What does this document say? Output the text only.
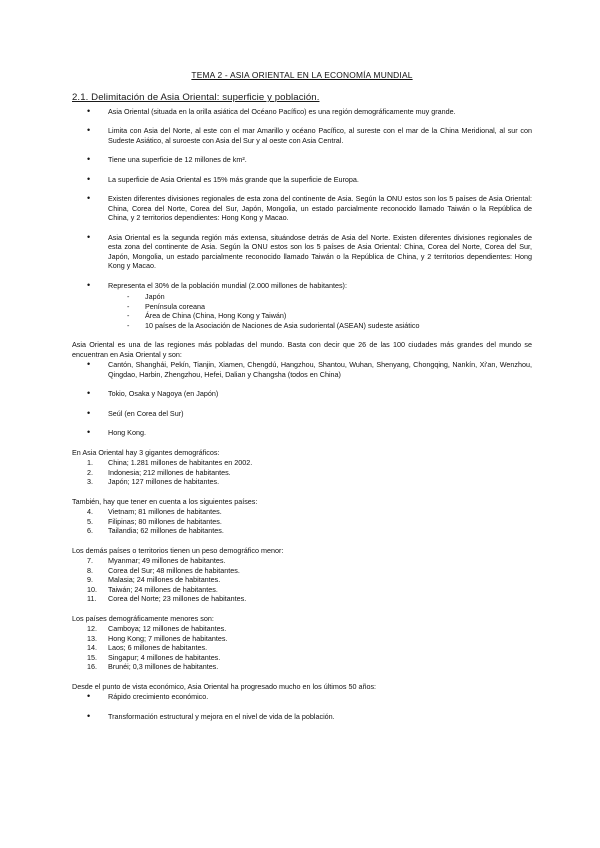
TEMA 2 - ASIA ORIENTAL EN LA ECONOMÍA MUNDIAL
2.1. Delimitación de Asia Oriental: superficie y población.
• Asia Oriental (situada en la orilla asiática del Océano Pacífico) es una región demográficamente muy grande.
• Limita con Asia del Norte, al este con el mar Amarillo y océano Pacífico, al sureste con el mar de la China Meridional, al sur con Sudeste Asiático, al suroeste con Asia del Sur y al oeste con Asia Central.
• Tiene una superficie de 12 millones de km².
• La superficie de Asia Oriental es 15% más grande que la superficie de Europa.
• Existen diferentes divisiones regionales de esta zona del continente de Asia. Según la ONU estos son los 5 países de Asia Oriental: China, Corea del Norte, Corea del Sur, Japón, Mongolia, un estado parcialmente reconocido llamado Taiwán o la República de China, y 2 territorios dependientes: Hong Kong y Macao.
• Asia Oriental es la segunda región más extensa, situándose detrás de Asia del Norte. Existen diferentes divisiones regionales de esta zona del continente de Asia. Según la ONU estos son los 5 países de Asia Oriental: China, Corea del Norte, Corea del Sur, Japón, Mongolia, un estado parcialmente reconocido llamado Taiwán o la República de China, y 2 territorios dependientes: Hong Kong y Macao.
• Representa el 30% de la población mundial (2.000 millones de habitantes):
- Japón
- Península coreana
- Área de China (China, Hong Kong y Taiwán)
- 10 países de la Asociación de Naciones de Asia sudoriental (ASEAN) sudeste asiático

Asia Oriental es una de las regiones más pobladas del mundo. Basta con decir que 26 de las 100 ciudades más grandes del mundo se encuentran en Asia Oriental y son:

• Cantón, Shanghái, Pekín, Tianjin, Xiamen, Chengdú, Hangzhou, Shantou, Wuhan, Shenyang, Chongqing, Nankín, Xi'an, Wenzhou, Qingdao, Harbin, Zhengzhou, Hefei, Dalian y Changsha (todos en China)
• Tokio, Osaka y Nagoya (en Japón)
• Seúl (en Corea del Sur)
• Hong Kong.

En Asia Oriental hay 3 gigantes demográficos:

1. China; 1.281 millones de habitantes en 2002.
2. Indonesia; 212 millones de habitantes.
3. Japón; 127 millones de habitantes.

También, hay que tener en cuenta a los siguientes países:

4. Vietnam; 81 millones de habitantes.
5. Filipinas; 80 millones de habitantes.
6. Tailandia; 62 millones de habitantes.

Los demás países o territorios tienen un peso demográfico menor:

7. Myanmar; 49 millones de habitantes.
8. Corea del Sur; 48 millones de habitantes.
9. Malasia; 24 millones de habitantes.
10. Taiwán; 24 millones de habitantes.
11. Corea del Norte; 23 millones de habitantes.

Los países demográficamente menores son:

12. Camboya; 12 millones de habitantes.
13. Hong Kong; 7 millones de habitantes.
14. Laos; 6 millones de habitantes.
15. Singapur; 4 millones de habitantes.
16. Brunéi; 0,3 millones de habitantes.

Desde el punto de vista económico, Asia Oriental ha progresado mucho en los últimos 50 años:

• Rápido crecimiento económico.
• Transformación estructural y mejora en el nivel de vida de la población.
